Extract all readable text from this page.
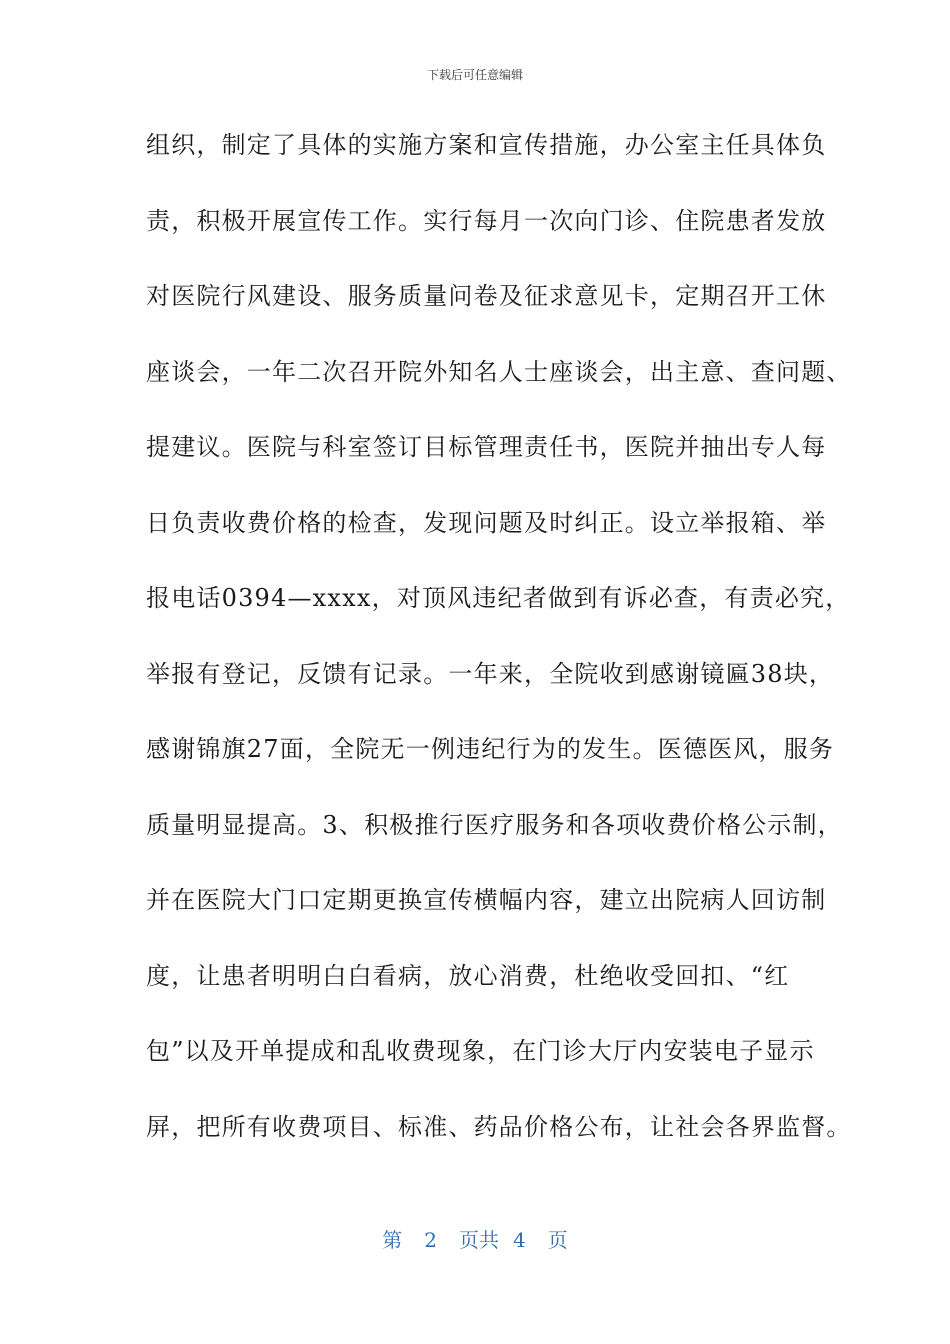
下载后可任意编辑
组织，制定了具体的实施方案和宣传措施，办公室主任具体负
责，积极开展宣传工作。实行每月一次向门诊、住院患者发放
对医院行风建设、服务质量问卷及征求意见卡，定期召开工休
座谈会，一年二次召开院外知名人士座谈会，出主意、查问题、
提建议。医院与科室签订目标管理责任书，医院并抽出专人每
日负责收费价格的检查，发现问题及时纠正。设立举报箱、举
报电话0394—xxxx，对顶风违纪者做到有诉必查，有责必究，
举报有登记，反馈有记录。一年来，全院收到感谢镜匾38块，
感谢锦旗27面，全院无一例违纪行为的发生。医德医风，服务
质量明显提高。3、积极推行医疗服务和各项收费价格公示制，
并在医院大门口定期更换宣传横幅内容，建立出院病人回访制
度，让患者明明白白看病，放心消费，杜绝收受回扣、“红
包”以及开单提成和乱收费现象，在门诊大厅内安装电子显示
屏，把所有收费项目、标准、药品价格公布，让社会各界监督。
第 2 页共 4 页
